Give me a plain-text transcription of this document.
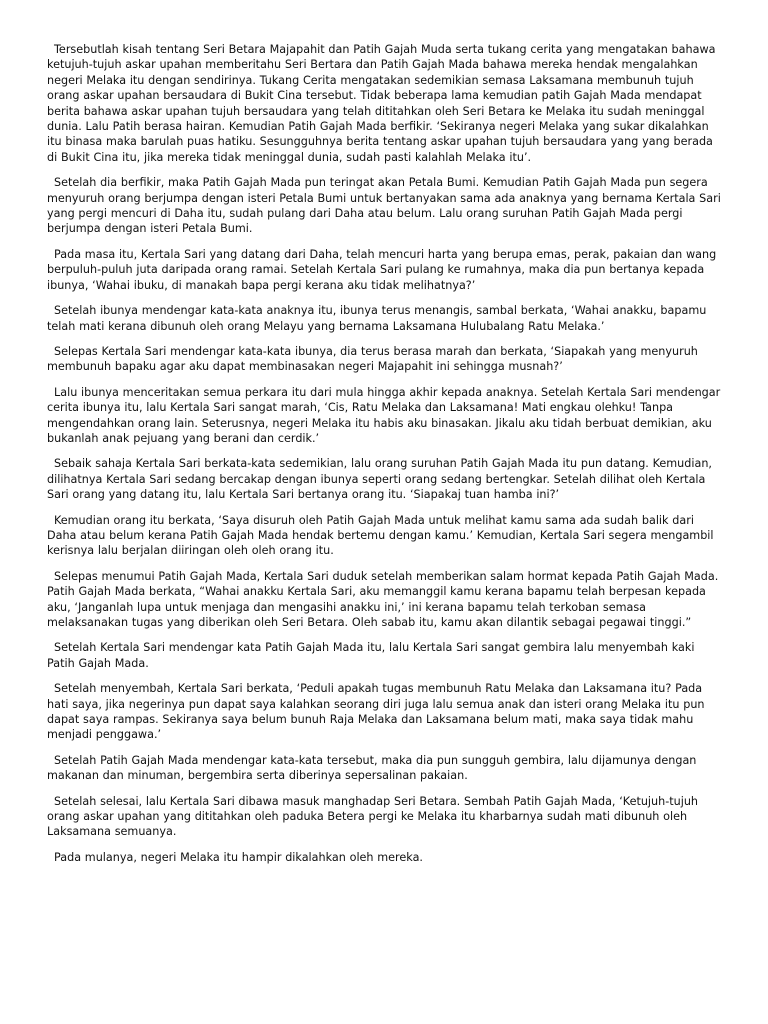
Tersebutlah kisah tentang Seri Betara Majapahit dan Patih Gajah Muda serta tukang cerita yang mengatakan bahawa ketujuh-tujuh askar upahan memberitahu Seri Bertara dan Patih Gajah Mada bahawa mereka hendak mengalahkan negeri Melaka itu dengan sendirinya. Tukang Cerita mengatakan sedemikian semasa Laksamana membunuh tujuh orang askar upahan bersaudara di Bukit Cina tersebut. Tidak beberapa lama kemudian patih Gajah Mada mendapat berita bahawa askar upahan tujuh bersaudara yang telah dititahkan oleh Seri Betara ke Melaka itu sudah meninggal dunia. Lalu Patih berasa hairan. Kemudian Patih Gajah Mada berfikir. ‘Sekiranya negeri Melaka yang sukar dikalahkan itu binasa maka barulah puas hatiku. Sesungguhnya berita tentang askar upahan tujuh bersaudara yang yang berada di Bukit Cina itu, jika mereka tidak meninggal dunia, sudah pasti kalahlah Melaka itu’.

Setelah dia berfikir, maka Patih Gajah Mada pun teringat akan Petala Bumi. Kemudian Patih Gajah Mada pun segera menyuruh orang berjumpa dengan isteri Petala Bumi untuk bertanyakan sama ada anaknya yang bernama Kertala Sari yang pergi mencuri di Daha itu, sudah pulang dari Daha atau belum. Lalu orang suruhan Patih Gajah Mada pergi berjumpa dengan isteri Petala Bumi.

Pada masa itu, Kertala Sari yang datang dari Daha, telah mencuri harta yang berupa emas, perak, pakaian dan wang berpuluh-puluh juta daripada orang ramai. Setelah Kertala Sari pulang ke rumahnya, maka dia pun bertanya kepada ibunya, ‘Wahai ibuku, di manakah bapa pergi kerana aku tidak melihatnya?’

Setelah ibunya mendengar kata-kata anaknya itu, ibunya terus menangis, sambal berkata, ‘Wahai anakku, bapamu telah mati kerana dibunuh oleh orang Melayu yang bernama Laksamana Hulubalang Ratu Melaka.’

Selepas Kertala Sari mendengar kata-kata ibunya, dia terus berasa marah dan berkata, ‘Siapakah yang menyuruh membunuh bapaku agar aku dapat membinasakan negeri Majapahit ini sehingga musnah?’

Lalu ibunya menceritakan semua perkara itu dari mula hingga akhir kepada anaknya. Setelah Kertala Sari mendengar cerita ibunya itu, lalu Kertala Sari sangat marah, ‘Cis, Ratu Melaka dan Laksamana! Mati engkau olehku! Tanpa mengendahkan orang lain. Seterusnya, negeri Melaka itu habis aku binasakan. Jikalu aku tidah berbuat demikian, aku bukanlah anak pejuang yang berani dan cerdik.’

Sebaik sahaja Kertala Sari berkata-kata sedemikian, lalu orang suruhan Patih Gajah Mada itu pun datang. Kemudian, dilihatnya Kertala Sari sedang bercakap dengan ibunya seperti orang sedang bertengkar. Setelah dilihat oleh Kertala Sari orang yang datang itu, lalu Kertala Sari bertanya orang itu. ‘Siapakaj tuan hamba ini?’

Kemudian orang itu berkata, ‘Saya disuruh oleh Patih Gajah Mada untuk melihat kamu sama ada sudah balik dari Daha atau belum kerana Patih Gajah Mada hendak bertemu dengan kamu.’ Kemudian, Kertala Sari segera mengambil kerisnya lalu berjalan diiringan oleh oleh orang itu.

Selepas menumui Patih Gajah Mada, Kertala Sari duduk setelah memberikan salam hormat kepada Patih Gajah Mada. Patih Gajah Mada berkata, “Wahai anakku Kertala Sari, aku memanggil kamu kerana bapamu telah berpesan kepada aku, ‘Janganlah lupa untuk menjaga dan mengasihi anakku ini,’ ini kerana bapamu telah terkoban semasa melaksanakan tugas yang diberikan oleh Seri Betara. Oleh sabab itu, kamu akan dilantik sebagai pegawai tinggi.”

Setelah Kertala Sari mendengar kata Patih Gajah Mada itu, lalu Kertala Sari sangat gembira lalu menyembah kaki Patih Gajah Mada.

Setelah menyembah, Kertala Sari berkata, ‘Peduli apakah tugas membunuh Ratu Melaka dan Laksamana itu? Pada hati saya, jika negerinya pun dapat saya kalahkan seorang diri juga lalu semua anak dan isteri orang Melaka itu pun dapat saya rampas. Sekiranya saya belum bunuh Raja Melaka dan Laksamana belum mati, maka saya tidak mahu menjadi penggawa.’

Setelah Patih Gajah Mada mendengar kata-kata tersebut, maka dia pun sungguh gembira, lalu dijamunya dengan makanan dan minuman, bergembira serta diberinya sepersalinan pakaian.

Setelah selesai, lalu Kertala Sari dibawa masuk manghadap Seri Betara. Sembah Patih Gajah Mada, ‘Ketujuh-tujuh orang askar upahan yang dititahkan oleh paduka Betera pergi ke Melaka itu kharbarnya sudah mati dibunuh oleh Laksamana semuanya.

Pada mulanya, negeri Melaka itu hampir dikalahkan oleh mereka.
